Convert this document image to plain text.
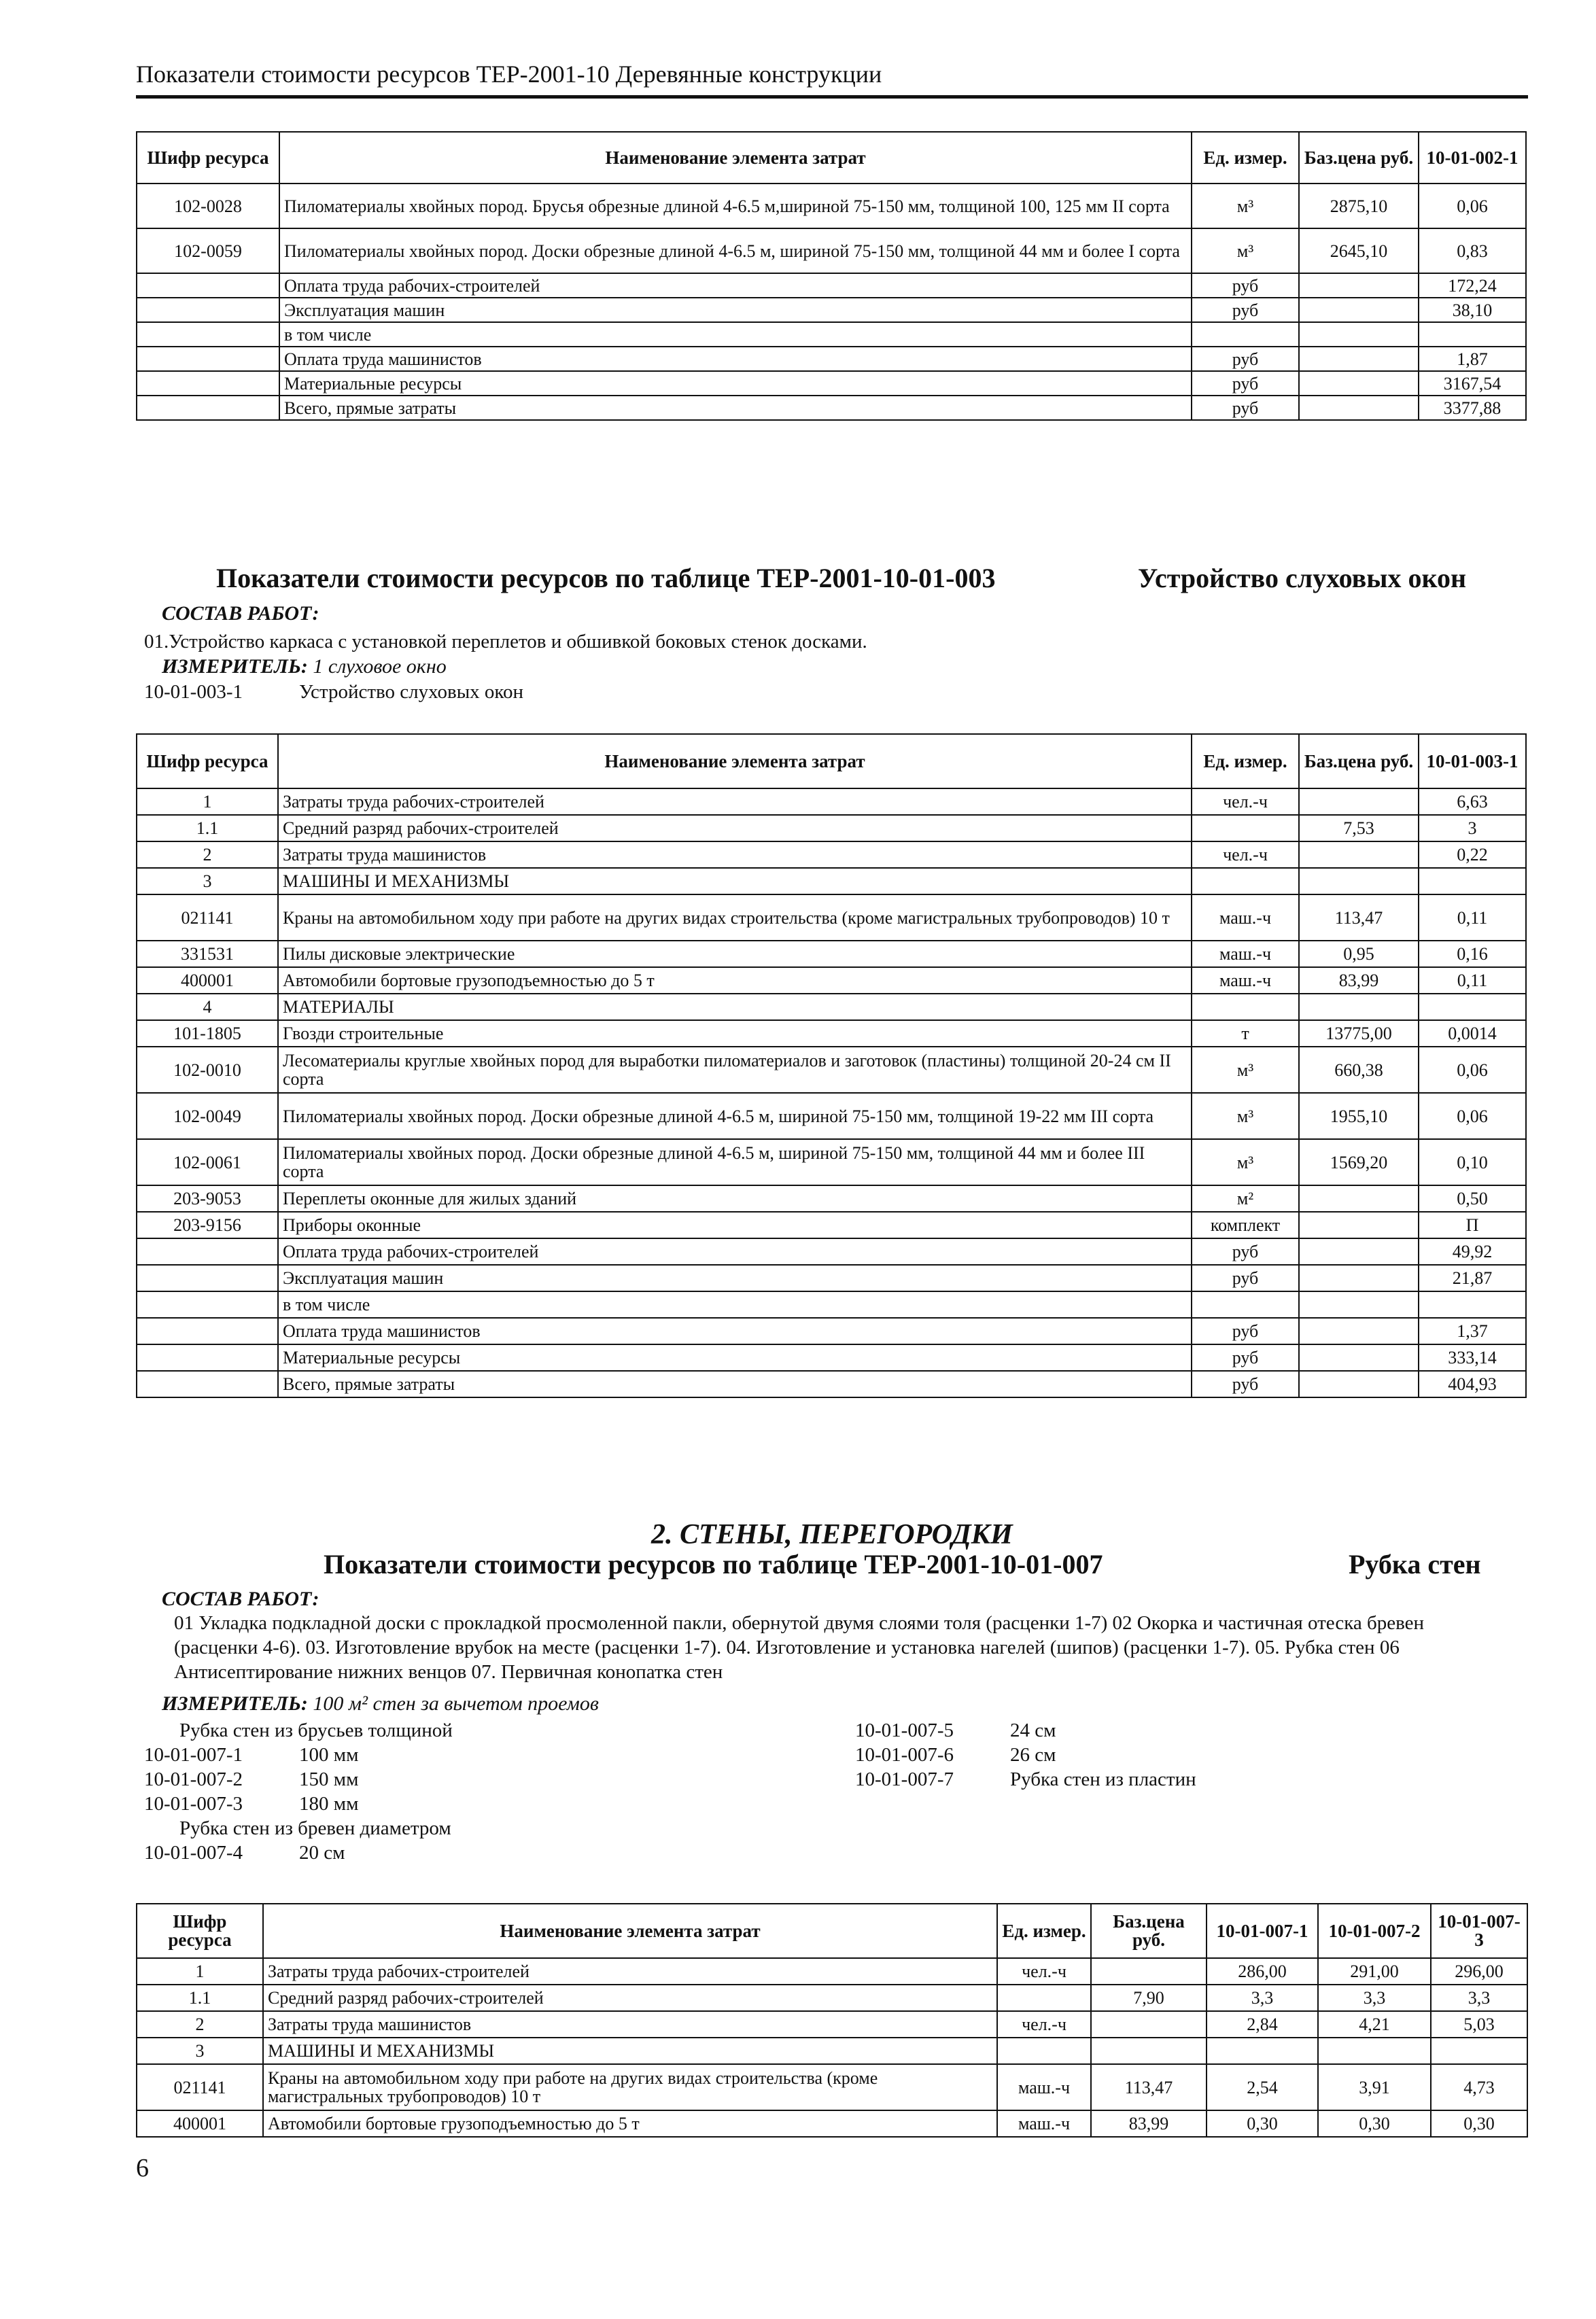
Показатели стоимости ресурсов ТЕР-2001-10 Деревянные конструкции
Шифр ресурса	Наименование элемента затрат	Ед. измер.	Баз.цена руб.	10-01-002-1
102-0028	Пиломатериалы хвойных пород. Брусья обрезные длиной 4-6.5 м,шириной 75-150 мм, толщиной 100, 125 мм II сорта	м³	2875,10	0,06
102-0059	Пиломатериалы хвойных пород. Доски обрезные длиной 4-6.5 м, шириной 75-150 мм, толщиной 44 мм и более I сорта	м³	2645,10	0,83
	Оплата труда рабочих-строителей	руб		172,24
	Эксплуатация машин	руб		38,10
	в том числе			
	Оплата труда машинистов	руб		1,87
	Материальные ресурсы	руб		3167,54
	Всего, прямые затраты	руб		3377,88
Показатели стоимости ресурсов по таблице ТЕР-2001-10-01-003	Устройство слуховых окон
СОСТАВ РАБОТ:
01.Устройство каркаса с установкой переплетов и обшивкой боковых стенок досками.
ИЗМЕРИТЕЛЬ: 1 слуховое окно
10-01-003-1	Устройство слуховых окон
Шифр ресурса	Наименование элемента затрат	Ед. измер.	Баз.цена руб.	10-01-003-1
1	Затраты труда рабочих-строителей	чел.-ч		6,63
1.1	Средний разряд рабочих-строителей		7,53	3
2	Затраты труда машинистов	чел.-ч		0,22
3	МАШИНЫ И МЕХАНИЗМЫ			
021141	Краны на автомобильном ходу при работе на других видах строительства (кроме магистральных трубопроводов) 10 т	маш.-ч	113,47	0,11
331531	Пилы дисковые электрические	маш.-ч	0,95	0,16
400001	Автомобили бортовые грузоподъемностью до 5 т	маш.-ч	83,99	0,11
4	МАТЕРИАЛЫ			
101-1805	Гвозди строительные	т	13775,00	0,0014
102-0010	Лесоматериалы круглые хвойных пород для выработки пиломатериалов и заготовок (пластины) толщиной 20-24 см II сорта	м³	660,38	0,06
102-0049	Пиломатериалы хвойных пород. Доски обрезные длиной 4-6.5 м, шириной 75-150 мм, толщиной 19-22 мм III сорта	м³	1955,10	0,06
102-0061	Пиломатериалы хвойных пород. Доски обрезные длиной 4-6.5 м, шириной 75-150 мм, толщиной 44 мм и более III сорта	м³	1569,20	0,10
203-9053	Переплеты оконные для жилых зданий	м²		0,50
203-9156	Приборы оконные	комплект		П
	Оплата труда рабочих-строителей	руб		49,92
	Эксплуатация машин	руб		21,87
	в том числе			
	Оплата труда машинистов	руб		1,37
	Материальные ресурсы	руб		333,14
	Всего, прямые затраты	руб		404,93
2. СТЕНЫ, ПЕРЕГОРОДКИ
Показатели стоимости ресурсов по таблице ТЕР-2001-10-01-007	Рубка стен
СОСТАВ РАБОТ:
01 Укладка подкладной доски с прокладкой просмоленной пакли, обернутой двумя слоями толя (расценки 1-7) 02 Окорка и частичная отеска бревен (расценки 4-6). 03. Изготовление врубок на месте (расценки 1-7). 04. Изготовление и установка нагелей (шипов) (расценки 1-7). 05. Рубка стен 06 Антисептирование нижних венцов 07. Первичная конопатка стен
ИЗМЕРИТЕЛЬ: 100 м² стен за вычетом проемов
Рубка стен из брусьев толщиной
10-01-007-1	100 мм
10-01-007-2	150 мм
10-01-007-3	180 мм
Рубка стен из бревен диаметром
10-01-007-4	20 см
10-01-007-5	24 см
10-01-007-6	26 см
10-01-007-7	Рубка стен из пластин
Шифр ресурса	Наименование элемента затрат	Ед. измер.	Баз.цена руб.	10-01-007-1	10-01-007-2	10-01-007-3
1	Затраты труда рабочих-строителей	чел.-ч		286,00	291,00	296,00
1.1	Средний разряд рабочих-строителей		7,90	3,3	3,3	3,3
2	Затраты труда машинистов	чел.-ч		2,84	4,21	5,03
3	МАШИНЫ И МЕХАНИЗМЫ					
021141	Краны на автомобильном ходу при работе на других видах строительства (кроме магистральных трубопроводов) 10 т	маш.-ч	113,47	2,54	3,91	4,73
400001	Автомобили бортовые грузоподъемностью до 5 т	маш.-ч	83,99	0,30	0,30	0,30
6
